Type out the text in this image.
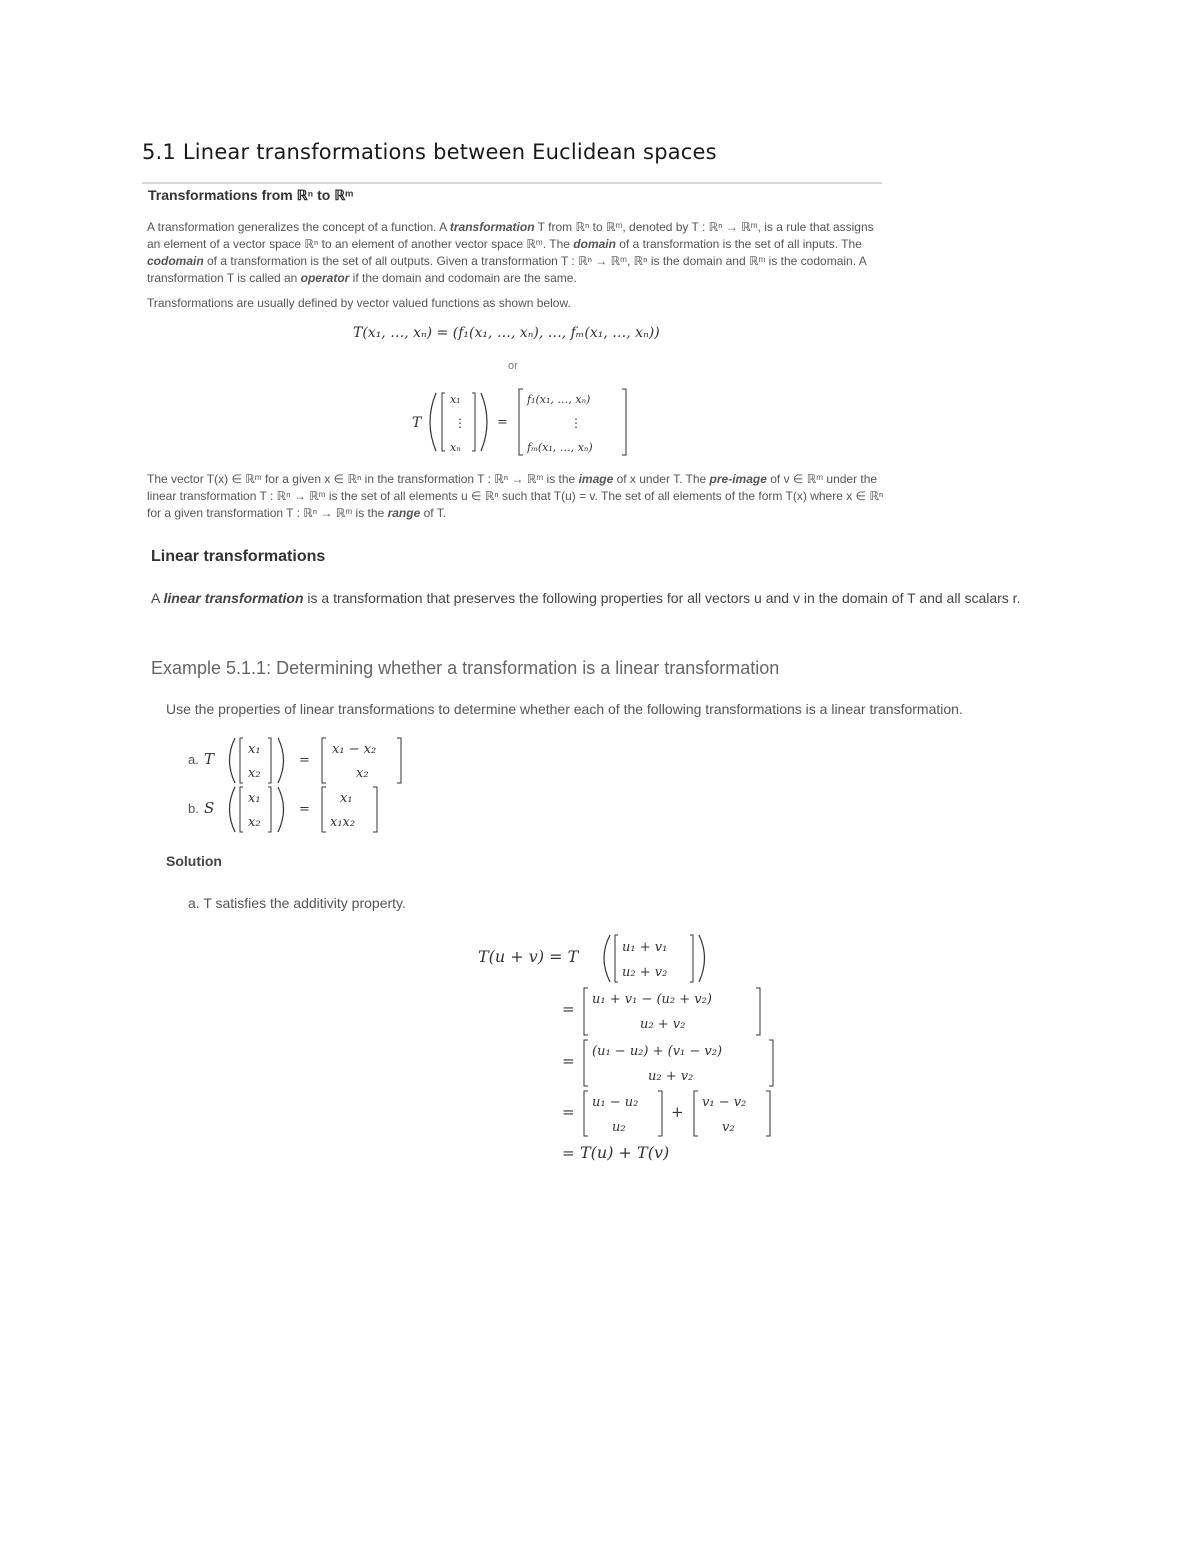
5.1 Linear transformations between Euclidean spaces
Transformations from ℝⁿ to ℝᵐ
A transformation generalizes the concept of a function. A transformation T from ℝⁿ to ℝᵐ, denoted by T : ℝⁿ → ℝᵐ, is a rule that assigns an element of a vector space ℝⁿ to an element of another vector space ℝᵐ. The domain of a transformation is the set of all inputs. The codomain of a transformation is the set of all outputs. Given a transformation T : ℝⁿ → ℝᵐ, ℝⁿ is the domain and ℝᵐ is the codomain. A transformation T is called an operator if the domain and codomain are the same.
Transformations are usually defined by vector valued functions as shown below.
T(x₁, …, xₙ) = (f₁(x₁, …, xₙ), …, fₘ(x₁, …, xₙ))
or
T
x₁
⋮
xₙ
=
f₁(x₁, …, xₙ)
⋮
fₘ(x₁, …, xₙ)
The vector T(x) ∈ ℝᵐ for a given x ∈ ℝⁿ in the transformation T : ℝⁿ → ℝᵐ is the image of x under T. The pre-image of v ∈ ℝᵐ under the linear transformation T : ℝⁿ → ℝᵐ is the set of all elements u ∈ ℝⁿ such that T(u) = v. The set of all elements of the form T(x) where x ∈ ℝⁿ for a given transformation T : ℝⁿ → ℝᵐ is the range of T.
Linear transformations
A linear transformation is a transformation that preserves the following properties for all vectors u and v in the domain of T and all scalars r.
Example 5.1.1: Determining whether a transformation is a linear transformation
Use the properties of linear transformations to determine whether each of the following transformations is a linear transformation.
a. T
x₁
x₂
=
x₁ − x₂
x₂
b. S
x₁
x₂
=
x₁
x₁x₂
Solution
a. T satisfies the additivity property.
T(u + v) = T	u₁ + v₁
u₂ + v₂
=
u₁ + v₁ − (u₂ + v₂)
u₂ + v₂
=
(u₁ − u₂) + (v₁ − v₂)
u₂ + v₂
=
u₁ − u₂
u₂
+
v₁ − v₂
v₂
= T(u) + T(v)
